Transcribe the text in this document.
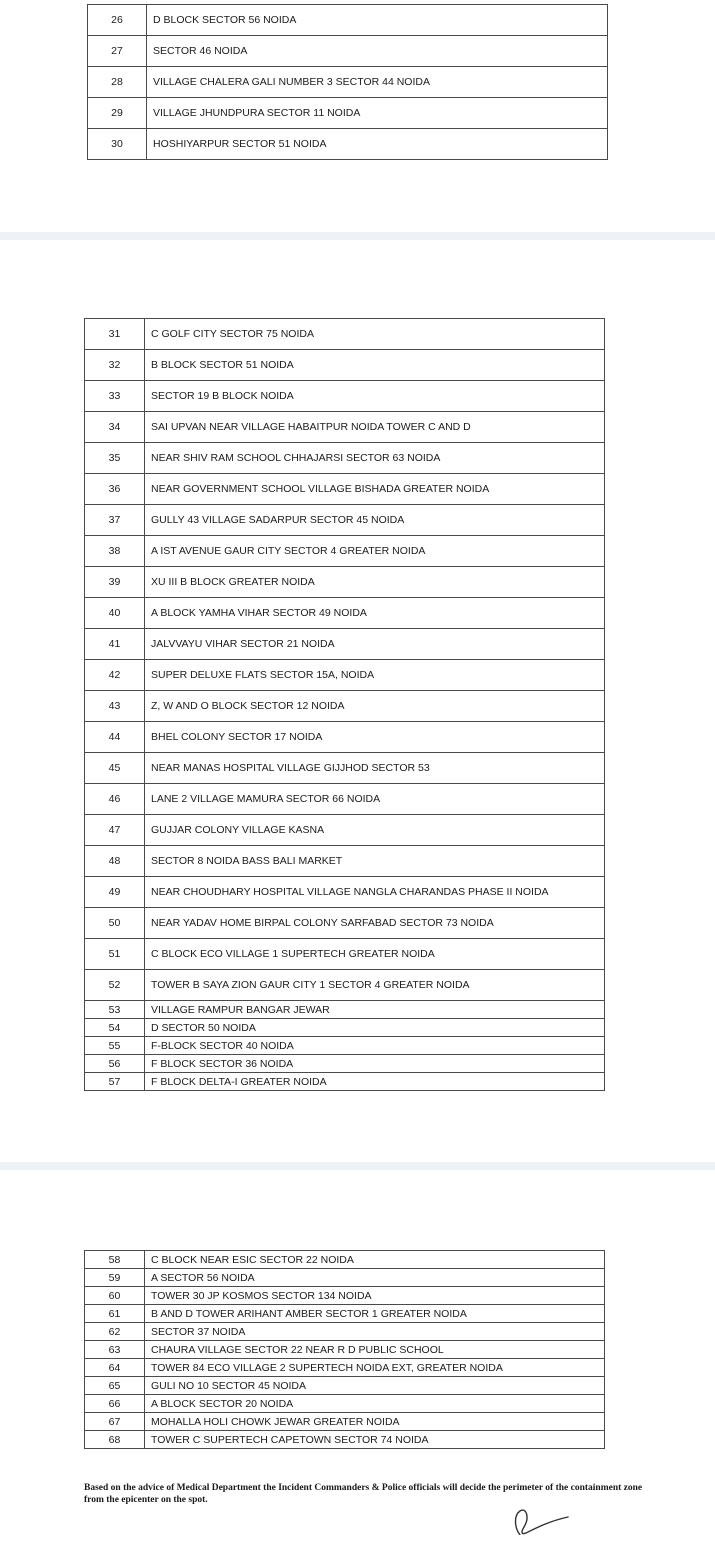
26	D BLOCK SECTOR 56 NOIDA
27	SECTOR 46 NOIDA
28	VILLAGE CHALERA GALI NUMBER 3 SECTOR 44 NOIDA
29	VILLAGE JHUNDPURA SECTOR 11 NOIDA
30	HOSHIYARPUR SECTOR 51 NOIDA
31	C GOLF CITY SECTOR 75 NOIDA
32	B BLOCK SECTOR 51 NOIDA
33	SECTOR 19 B BLOCK NOIDA
34	SAI UPVAN NEAR VILLAGE HABAITPUR NOIDA TOWER C AND D
35	NEAR SHIV RAM SCHOOL CHHAJARSI SECTOR 63 NOIDA
36	NEAR GOVERNMENT SCHOOL VILLAGE BISHADA GREATER NOIDA
37	GULLY 43 VILLAGE SADARPUR SECTOR 45 NOIDA
38	A IST AVENUE GAUR CITY SECTOR 4 GREATER NOIDA
39	XU III B BLOCK GREATER NOIDA
40	A BLOCK YAMHA VIHAR SECTOR 49 NOIDA
41	JALVVAYU VIHAR SECTOR 21 NOIDA
42	SUPER DELUXE FLATS SECTOR 15A, NOIDA
43	Z, W AND O BLOCK SECTOR 12 NOIDA
44	BHEL COLONY SECTOR 17 NOIDA
45	NEAR MANAS HOSPITAL VILLAGE GIJJHOD SECTOR 53
46	LANE 2 VILLAGE MAMURA SECTOR 66 NOIDA
47	GUJJAR COLONY VILLAGE KASNA
48	SECTOR 8 NOIDA BASS BALI MARKET
49	NEAR CHOUDHARY HOSPITAL VILLAGE NANGLA CHARANDAS PHASE II NOIDA
50	NEAR YADAV HOME BIRPAL COLONY SARFABAD SECTOR 73 NOIDA
51	C BLOCK ECO VILLAGE 1 SUPERTECH GREATER NOIDA
52	TOWER B SAYA ZION GAUR CITY 1 SECTOR 4 GREATER NOIDA
53	VILLAGE RAMPUR BANGAR JEWAR
54	D SECTOR 50 NOIDA
55	F-BLOCK SECTOR 40 NOIDA
56	F BLOCK SECTOR 36 NOIDA
57	F BLOCK DELTA-I GREATER NOIDA
58	C BLOCK NEAR ESIC SECTOR 22 NOIDA
59	A SECTOR 56 NOIDA
60	TOWER 30 JP KOSMOS SECTOR 134 NOIDA
61	B AND D TOWER ARIHANT AMBER SECTOR 1 GREATER NOIDA
62	SECTOR 37 NOIDA
63	CHAURA VILLAGE SECTOR 22 NEAR R D PUBLIC SCHOOL
64	TOWER 84 ECO VILLAGE 2 SUPERTECH NOIDA EXT, GREATER NOIDA
65	GULI NO 10 SECTOR 45 NOIDA
66	A BLOCK SECTOR 20 NOIDA
67	MOHALLA HOLI CHOWK JEWAR GREATER NOIDA
68	TOWER C SUPERTECH CAPETOWN SECTOR 74 NOIDA
Based on the advice of Medical Department the Incident Commanders & Police officials will decide the perimeter of the containment zone from the epicenter on the spot.
